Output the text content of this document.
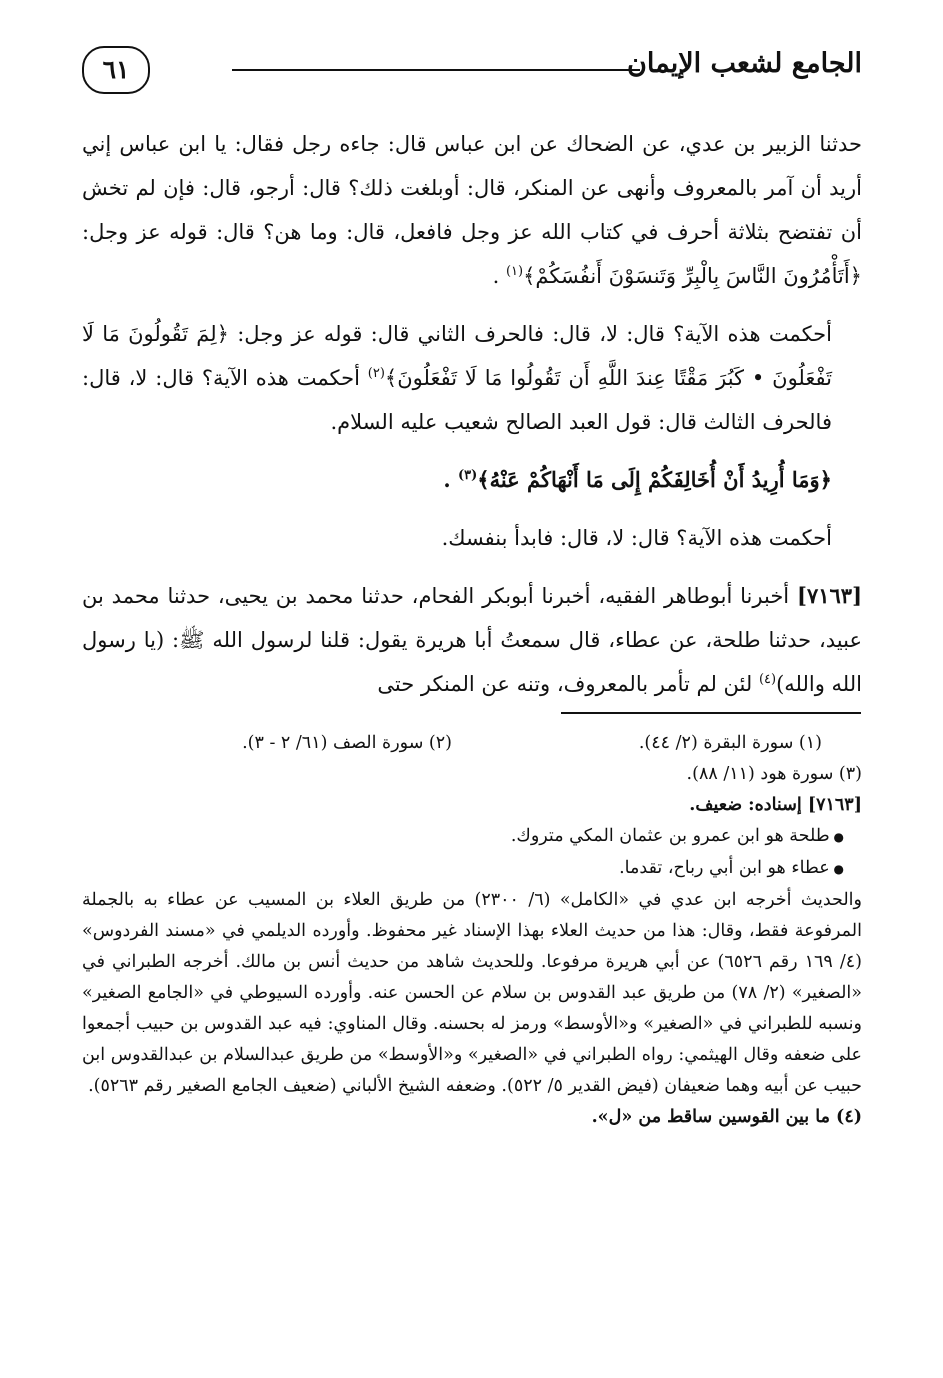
الجامع لشعب الإيمان
٦١

حدثنا الزبير بن عدي، عن الضحاك عن ابن عباس قال: جاءه رجل فقال: يا ابن عباس إني أريد أن آمر بالمعروف وأنهى عن المنكر، قال: أوبلغت ذلك؟ قال: أرجو، قال: فإن لم تخش أن تفتضح بثلاثة أحرف في كتاب الله عز وجل فافعل، قال: وما هن؟ قال: قوله عز وجل: ﴿أَتَأْمُرُونَ النَّاسَ بِالْبِرِّ وَتَنسَوْنَ أَنفُسَكُمْ﴾$^{(١)}$ .

أحكمت هذه الآية؟ قال: لا، قال: فالحرف الثاني قال: قوله عز وجل: ﴿لِمَ تَقُولُونَ مَا لَا تَفْعَلُونَ • كَبُرَ مَقْتًا عِندَ اللَّهِ أَن تَقُولُوا مَا لَا تَفْعَلُونَ﴾$^{(٢)}$ أحكمت هذه الآية؟ قال: لا، قال: فالحرف الثالث قال: قول العبد الصالح شعيب عليه السلام.

﴿وَمَا أُرِيدُ أَنْ أُخَالِفَكُمْ إِلَى مَا أَنْهَاكُمْ عَنْهُ﴾$^{(٣)}$ .

أحكمت هذه الآية؟ قال: لا، قال: فابدأ بنفسك.

[٧١٦٣] أخبرنا أبوطاهر الفقيه، أخبرنا أبوبكر الفحام، حدثنا محمد بن يحيى، حدثنا محمد بن عبيد، حدثنا طلحة، عن عطاء، قال سمعتُ أبا هريرة يقول: قلنا لرسول الله ﷺ: (يا رسول الله والله)$^{(٤)}$ لئن لم تأمر بالمعروف، وتنه عن المنكر حتى

(١) سورة البقرة (٢/ ٤٤).
(٢) سورة الصف (٦١/ ٢ - ٣).

(٣) سورة هود (١١/ ٨٨).

[٧١٦٣] إسناده: ضعيف.

● طلحة هو ابن عمرو بن عثمان المكي متروك.

● عطاء هو ابن أبي رباح، تقدما.

والحديث أخرجه ابن عدي في «الكامل» (٦/ ٢٣٠٠) من طريق العلاء بن المسيب عن عطاء به بالجملة المرفوعة فقط، وقال: هذا من حديث العلاء بهذا الإسناد غير محفوظ. وأورده الديلمي في «مسند الفردوس» (٤/ ١٦٩ رقم ٦٥٢٦) عن أبي هريرة مرفوعا. وللحديث شاهد من حديث أنس بن مالك. أخرجه الطبراني في «الصغير» (٢/ ٧٨) من طريق عبد القدوس بن سلام عن الحسن عنه. وأورده السيوطي في «الجامع الصغير» ونسبه للطبراني في «الصغير» و«الأوسط» ورمز له بحسنه. وقال المناوي: فيه عبد القدوس بن حبيب أجمعوا على ضعفه وقال الهيثمي: رواه الطبراني في «الصغير» و«الأوسط» من طريق عبدالسلام بن عبدالقدوس ابن حبيب عن أبيه وهما ضعيفان (فيض القدير ٥/ ٥٢٢). وضعفه الشيخ الألباني (ضعيف الجامع الصغير رقم ٥٢٦٣).

(٤) ما بين القوسين ساقط من «ل».
